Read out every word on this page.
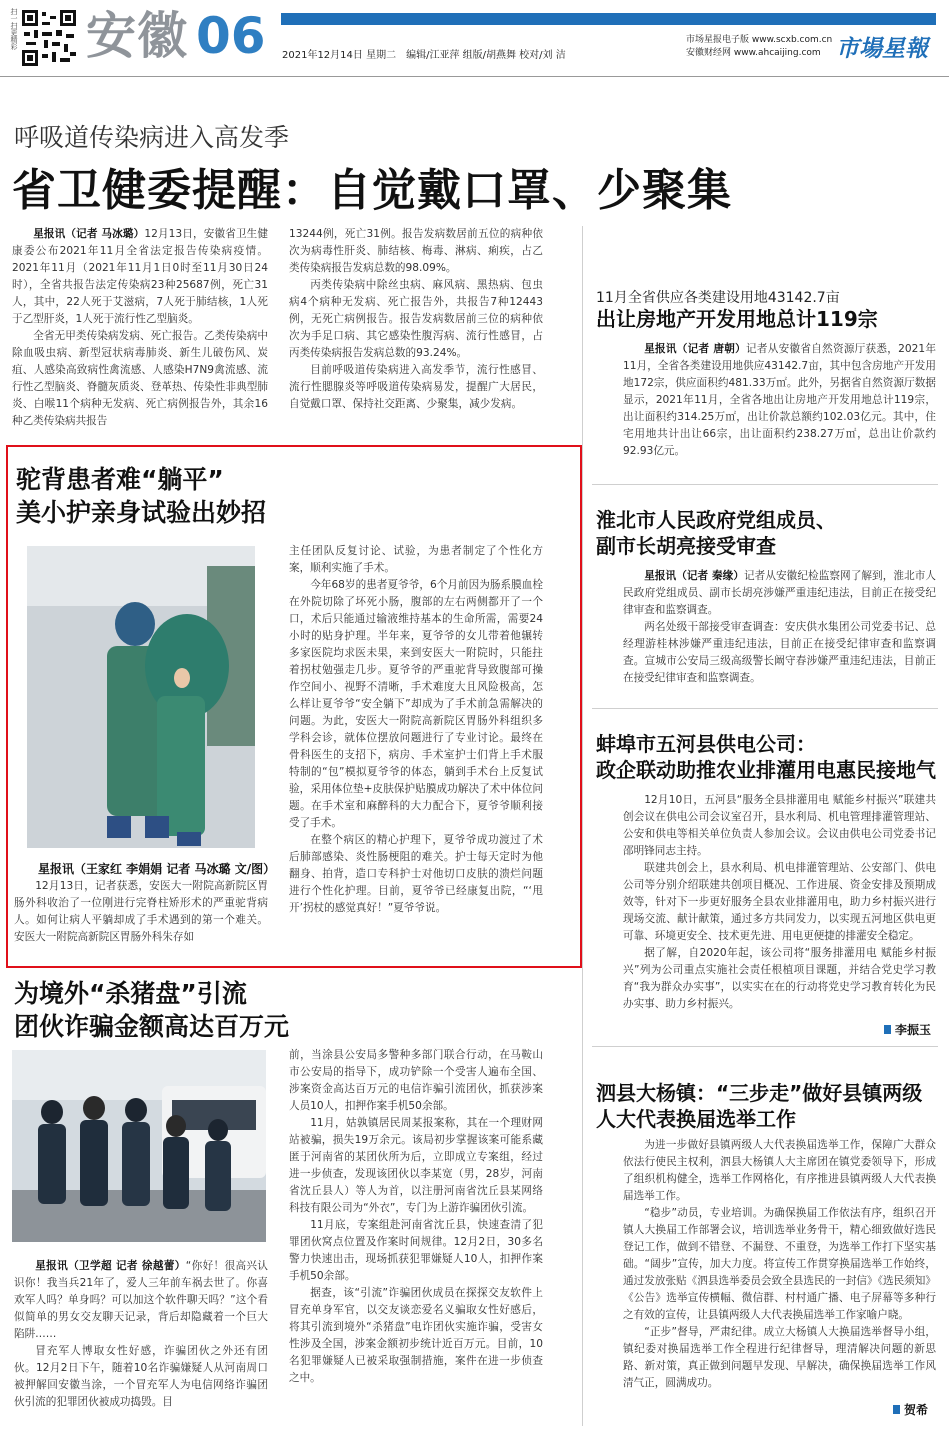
扫一扫更精彩 安徽 06 2021年12月14日 星期二　编辑/江亚萍 组版/胡燕舞 校对/刘 洁
市场星报电子版 www.scxb.com.cn
安徽财经网 www.ahcaijing.com 市場星報
呼吸道传染病进入高发季
省卫健委提醒：自觉戴口罩、少聚集

星报讯（记者 马冰璐）12月13日，安徽省卫生健康委公布2021年11月全省法定报告传染病疫情。2021年11月（2021年11月1日0时至11月30日24时），全省共报告法定传染病23种25687例，死亡31人，其中，22人死于艾滋病，7人死于肺结核，1人死于乙型肝炎，1人死于流行性乙型脑炎。

全省无甲类传染病发病、死亡报告。乙类传染病中除血吸虫病、新型冠状病毒肺炎、新生儿破伤风、炭疽、人感染高致病性禽流感、人感染H7N9禽流感、流行性乙型脑炎、脊髓灰质炎、登革热、传染性非典型肺炎、白喉11个病种无发病、死亡病例报告外，其余16种乙类传染病共报告

13244例，死亡31例。报告发病数居前五位的病种依次为病毒性肝炎、肺结核、梅毒、淋病、痢疾，占乙类传染病报告发病总数的98.09%。

丙类传染病中除丝虫病、麻风病、黑热病、包虫病4个病种无发病、死亡报告外，共报告7种12443例，无死亡病例报告。报告发病数居前三位的病种依次为手足口病、其它感染性腹泻病、流行性感冒，占丙类传染病报告发病总数的93.24%。

目前呼吸道传染病进入高发季节，流行性感冒、流行性腮腺炎等呼吸道传染病易发，提醒广大居民，自觉戴口罩、保持社交距离、少聚集，减少发病。

驼背患者难“躺平”
美小护亲身试验出妙招
星报讯（王家红 李娟娟 记者 马冰璐 文/图）

12月13日，记者获悉，安医大一附院高新院区胃肠外科收治了一位刚进行完脊柱矫形术的严重驼背病人。如何让病人平躺却成了手术遇到的第一个难关。安医大一附院高新院区胃肠外科朱存如

主任团队反复讨论、试验，为患者制定了个性化方案，顺利实施了手术。

今年68岁的患者夏爷爷，6个月前因为肠系膜血栓在外院切除了坏死小肠，腹部的左右两侧都开了一个口，术后只能通过输液维持基本的生命所需，需要24小时的贴身护理。半年来，夏爷爷的女儿带着他辗转多家医院均求医未果，来到安医大一附院时，只能拄着拐杖勉强走几步。夏爷爷的严重驼背导致腹部可操作空间小、视野不清晰，手术难度大且风险极高，怎么样让夏爷爷“安全躺下”却成为了手术前急需解决的问题。为此，安医大一附院高新院区胃肠外科组织多学科会诊，就体位摆放问题进行了专业讨论。最终在骨科医生的支招下，病房、手术室护士们背上手术服特制的“包”模拟夏爷爷的体态，躺到手术台上反复试验，采用体位垫+皮肤保护贴膜成功解决了术中体位问题。在手术室和麻醉科的大力配合下，夏爷爷顺利接受了手术。

在整个病区的精心护理下，夏爷爷成功渡过了术后肺部感染、炎性肠梗阻的难关。护士每天定时为他翻身、拍背，造口专科护士对他切口皮肤的溃烂问题进行个性化护理。目前，夏爷爷已经康复出院，“‘甩开’拐杖的感觉真好！”夏爷爷说。

为境外“杀猪盘”引流
团伙诈骗金额高达百万元

星报讯（卫学超 记者 徐越蕾）“你好！很高兴认识你！我当兵21年了，爱人三年前车祸去世了。你喜欢军人吗？单身吗？可以加这个软件聊天吗？”这个看似简单的男女交友聊天记录，背后却隐藏着一个巨大陷阱……

冒充军人博取女性好感，诈骗团伙之外还有团伙。12月2日下午，随着10名诈骗嫌疑人从河南周口被押解回安徽当涂，一个冒充军人为电信网络诈骗团伙引流的犯罪团伙被成功捣毁。目

前，当涂县公安局多警种多部门联合行动，在马鞍山市公安局的指导下，成功铲除一个受害人遍布全国、涉案资金高达百万元的电信诈骗引流团伙，抓获涉案人员10人，扣押作案手机50余部。

11月，姑孰镇居民周某报案称，其在一个理财网站被骗，损失19万余元。该局初步掌握该案可能系藏匿于河南省的某团伙所为后，立即成立专案组，经过进一步侦查，发现该团伙以李某宽（男，28岁，河南省沈丘县人）等人为首，以注册河南省沈丘县某网络科技有限公司为“外衣”，专门为上游诈骗团伙引流。

11月底，专案组赴河南省沈丘县，快速查清了犯罪团伙窝点位置及作案时间规律。12月2日，30多名警力快速出击，现场抓获犯罪嫌疑人10人，扣押作案手机50余部。

据查，该“引流”诈骗团伙成员在探探交友软件上冒充单身军官，以交友谈恋爱名义骗取女性好感后，将其引流到境外“杀猪盘”电诈团伙实施诈骗，受害女性涉及全国，涉案金额初步统计近百万元。目前，10名犯罪嫌疑人已被采取强制措施，案件在进一步侦查之中。

11月全省供应各类建设用地43142.7亩
出让房地产开发用地总计119宗

星报讯（记者 唐朝）记者从安徽省自然资源厅获悉，2021年11月，全省各类建设用地供应43142.7亩，其中包含房地产开发用地172宗，供应面积约481.33万㎡。此外，另据省自然资源厅数据显示，2021年11月，全省各地出让房地产开发用地总计119宗，出让面积约314.25万㎡，出让价款总额约102.03亿元。其中，住宅用地共计出让66宗，出让面积约238.27万㎡，总出让价款约92.93亿元。

淮北市人民政府党组成员、
副市长胡亮接受审查

星报讯（记者 秦缘）记者从安徽纪检监察网了解到，淮北市人民政府党组成员、副市长胡亮涉嫌严重违纪违法，目前正在接受纪律审查和监察调查。

两名处级干部接受审查调查：安庆供水集团公司党委书记、总经理游桂林涉嫌严重违纪违法，目前正在接受纪律审查和监察调查。宣城市公安局三级高级警长阚守春涉嫌严重违纪违法，目前正在接受纪律审查和监察调查。

蚌埠市五河县供电公司：
政企联动助推农业排灌用电惠民接地气

12月10日，五河县“服务全县排灌用电 赋能乡村振兴”联建共创会议在供电公司会议室召开，县水利局、机电管理排灌管理站、公安和供电等相关单位负责人参加会议。会议由供电公司党委书记邵明锋同志主持。

联建共创会上，县水利局、机电排灌管理站、公安部门、供电公司等分别介绍联建共创项目概况、工作进展、资金安排及预期成效等，针对下一步更好服务全县农业排灌用电，助力乡村振兴进行现场交流、献计献策，通过多方共同发力，以实现五河地区供电更可靠、环境更安全、技术更先进、用电更便捷的排灌安全稳定。

据了解，自2020年起，该公司将“服务排灌用电 赋能乡村振兴”列为公司重点实施社会责任根植项目课题，并结合党史学习教育“我为群众办实事”，以实实在在的行动将党史学习教育转化为民办实事、助力乡村振兴。

李振玉
泗县大杨镇：“三步走”做好县镇两级
人大代表换届选举工作

为进一步做好县镇两级人大代表换届选举工作，保障广大群众依法行使民主权利，泗县大杨镇人大主席团在镇党委领导下，形成了组织机构健全，选举工作网格化，有序推进县镇两级人大代表换届选举工作。

“稳步”动员，专业培训。为确保换届工作依法有序，组织召开镇人大换届工作部署会议，培训选举业务骨干，精心细致做好选民登记工作，做到不错登、不漏登、不重登，为选举工作打下坚实基础。“阔步”宣传，加大力度。将宣传工作贯穿换届选举工作始终，通过发放张贴《泗县选举委员会致全县选民的一封信》《选民须知》《公告》选举宣传横幅、微信群、村村通广播、电子屏幕等多种行之有效的宣传，让县镇两级人大代表换届选举工作家喻户晓。

“正步”督导，严肃纪律。成立大杨镇人大换届选举督导小组，镇纪委对换届选举工作全程进行纪律督导，理清解决问题的新思路、新对策，真正做到问题早发现、早解决，确保换届选举工作风清气正，圆满成功。

贺希
